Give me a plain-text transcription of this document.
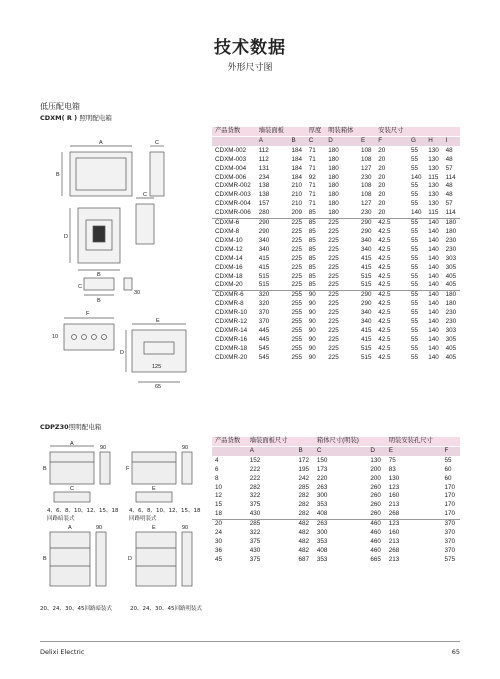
技术数据
外形尺寸图
低压配电箱
CDXM( R ) 照明配电箱
A
B
C
D
B
C
B
C
30
10
F
E
D
125
65
产品货数	墙装面板		厚度	明装箱体		安装尺寸			
	A	B	C	D	E	F	G	H	I
CDXM-002	112	184	71	180	108	20	55	130	48
CDXM-003	112	184	71	180	108	20	55	130	48
CDXM-004	131	184	71	180	127	20	55	130	57
CDXM-006	234	184	92	180	230	20	140	115	114
CDXMR-002	138	210	71	180	108	20	55	130	48
CDXMR-003	138	210	71	180	108	20	55	130	48
CDXMR-004	157	210	71	180	127	20	55	130	57
CDXMR-006	280	209	85	180	230	20	140	115	114
CDXM-6	290	225	85	225	290	42.5	55	140	180
CDXM-8	290	225	85	225	290	42.5	55	140	180
CDXM-10	340	225	85	225	340	42.5	55	140	230
CDXM-12	340	225	85	225	340	42.5	55	140	230
CDXM-14	415	225	85	225	415	42.5	55	140	303
CDXM-16	415	225	85	225	415	42.5	55	140	305
CDXM-18	515	225	85	225	515	42.5	55	140	405
CDXM-20	515	225	85	225	515	42.5	55	140	405
CDXMR-6	320	255	90	225	290	42.5	55	140	180
CDXMR-8	320	255	90	225	290	42.5	55	140	180
CDXMR-10	370	255	90	225	340	42.5	55	140	230
CDXMR-12	370	255	90	225	340	42.5	55	140	230
CDXMR-14	445	255	90	225	415	42.5	55	140	303
CDXMR-16	445	255	90	225	415	42.5	55	140	305
CDXMR-18	545	255	90	225	515	42.5	55	140	405
CDXMR-20	545	255	90	225	515	42.5	55	140	405
CDPZ30照明配电箱
A
B
90
C	E
F
90
A
B
90	E
D
90
4、6、8、10、12、15、18
回路暗装式
4、6、8、10、12、15、18
回路明装式
20、24、30、45回路暗装式	20、24、30、45回路明装式
产品货数	墙装面板尺寸		箱体尺寸(明装)		明装安装孔尺寸	
	A	B	C	D	E	F
4	152	172	150	130	75	55
6	222	195	173	200	83	60
8	222	242	220	200	130	60
10	282	285	263	260	123	170
12	322	282	300	260	160	170
15	375	282	353	260	213	170
18	430	282	408	260	268	170
20	285	482	263	460	123	370
24	322	482	300	460	160	370
30	375	482	353	460	213	370
36	430	482	408	460	268	370
45	375	687	353	665	213	575
Delixi Electric	65
